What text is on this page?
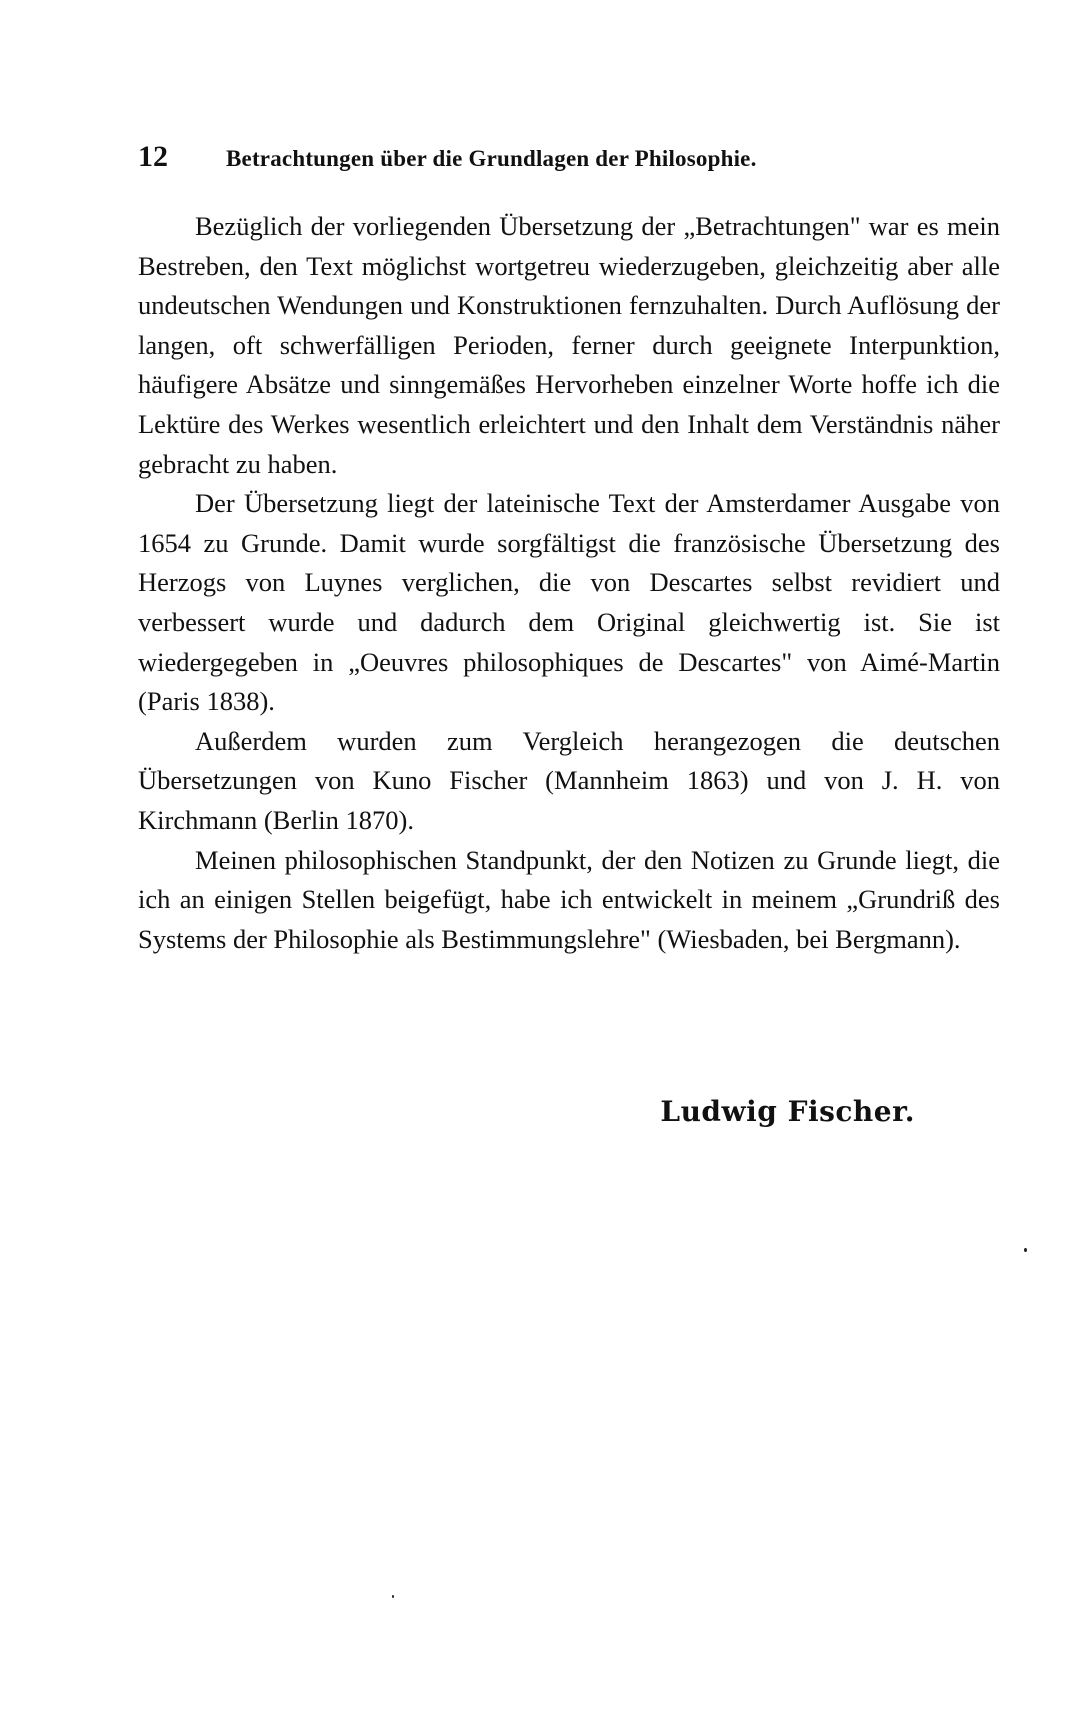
12	Betrachtungen über die Grundlagen der Philosophie.

Bezüglich der vorliegenden Übersetzung der „Betrachtungen" war es mein Bestreben, den Text möglichst wortgetreu wiederzugeben, gleichzeitig aber alle undeutschen Wendungen und Konstruktionen fernzuhalten. Durch Auflösung der langen, oft schwerfälligen Perioden, ferner durch geeignete Interpunktion, häufigere Absätze und sinngemäßes Hervorheben einzelner Worte hoffe ich die Lektüre des Werkes wesentlich erleichtert und den Inhalt dem Verständnis näher gebracht zu haben.

Der Übersetzung liegt der lateinische Text der Amsterdamer Ausgabe von 1654 zu Grunde. Damit wurde sorgfältigst die französische Übersetzung des Herzogs von Luynes verglichen, die von Descartes selbst revidiert und verbessert wurde und dadurch dem Original gleichwertig ist. Sie ist wiedergegeben in „Oeuvres philosophiques de Descartes" von Aimé-Martin (Paris 1838).

Außerdem wurden zum Vergleich herangezogen die deutschen Übersetzungen von Kuno Fischer (Mannheim 1863) und von J. H. von Kirchmann (Berlin 1870).

Meinen philosophischen Standpunkt, der den Notizen zu Grunde liegt, die ich an einigen Stellen beigefügt, habe ich entwickelt in meinem „Grundriß des Systems der Philosophie als Bestimmungslehre" (Wiesbaden, bei Bergmann).

Ludwig Fischer.
